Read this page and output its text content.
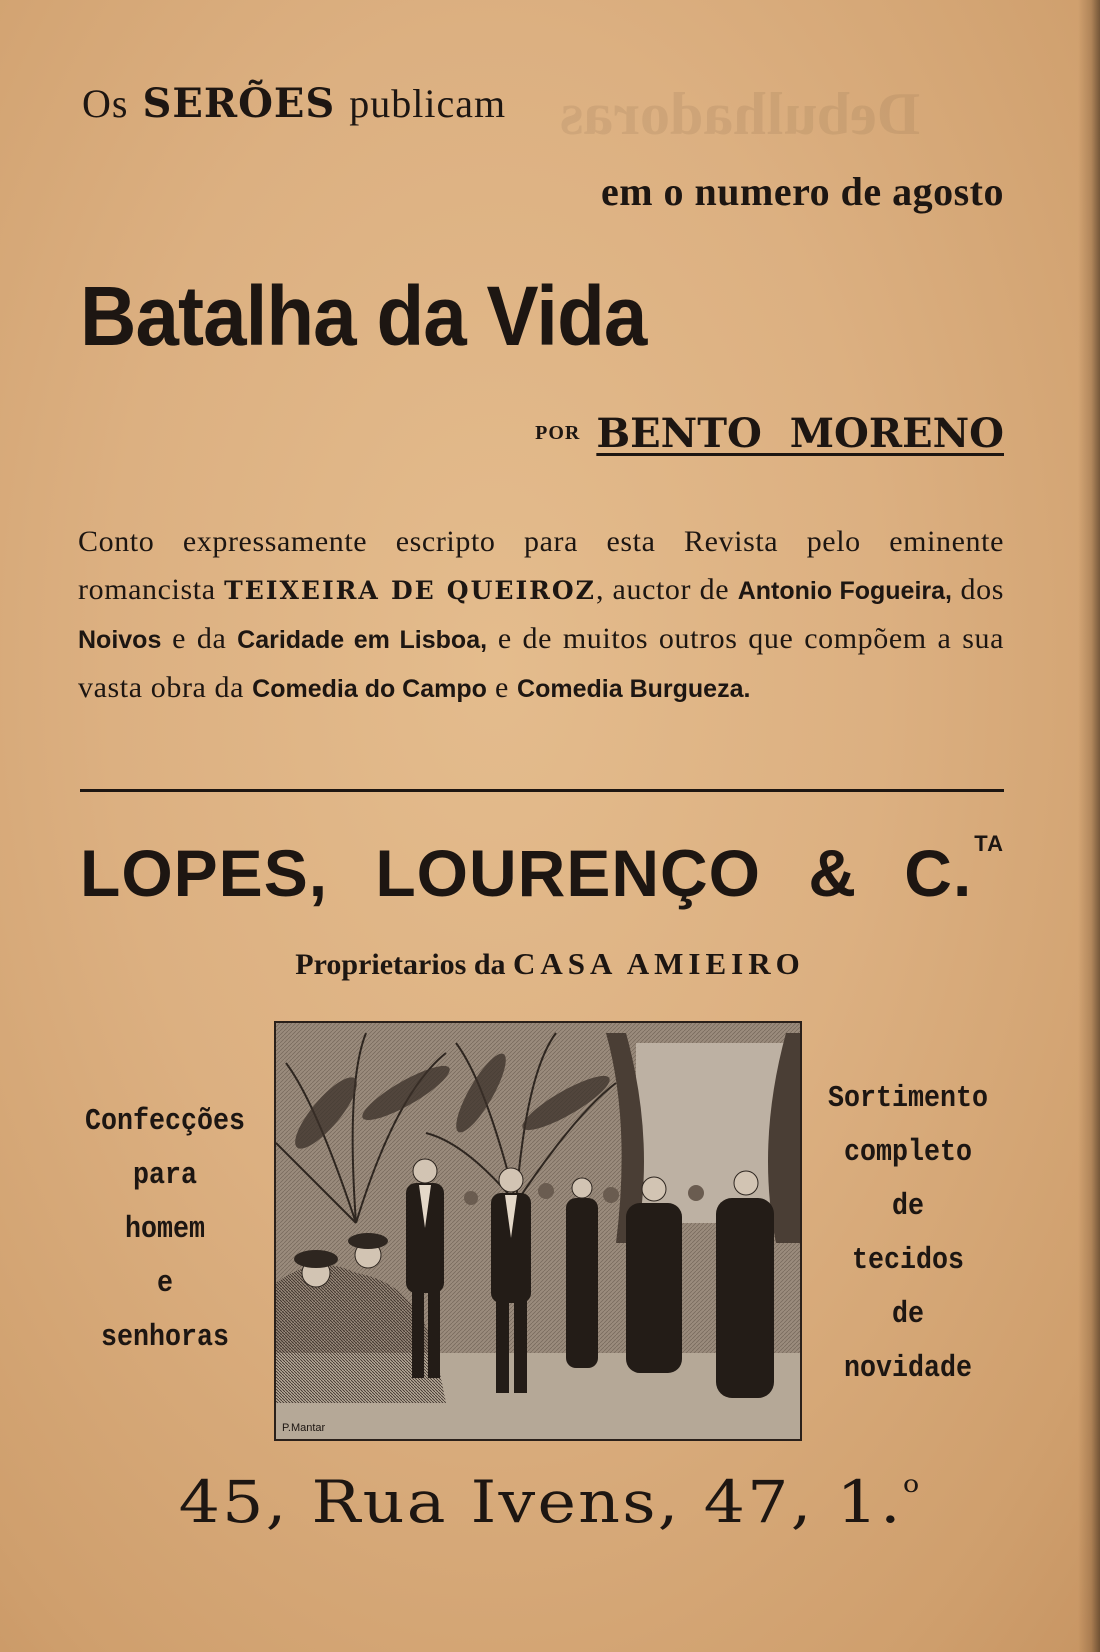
Debulhadoras
Os SERÕES publicam
em o numero de agosto
Batalha da Vida
POR BENTO MORENO
Conto expressamente escripto para esta Revista pelo eminente romancista TEIXEIRA DE QUEIROZ, auctor de Antonio Fogueira, dos Noivos e da Caridade em Lisboa, e de muitos outros que compõem a sua vasta obra da Comedia do Campo e Comedia Burgueza.
LOPES, LOURENÇO & C.$^{TA}$
Proprietarios da CASA AMIEIRO
Confecções
para
homem
e
senhoras
Sortimento
completo
de
tecidos
de
novidade
P.Mantar
45, Rua Ivens, 47, 1.$^o$
